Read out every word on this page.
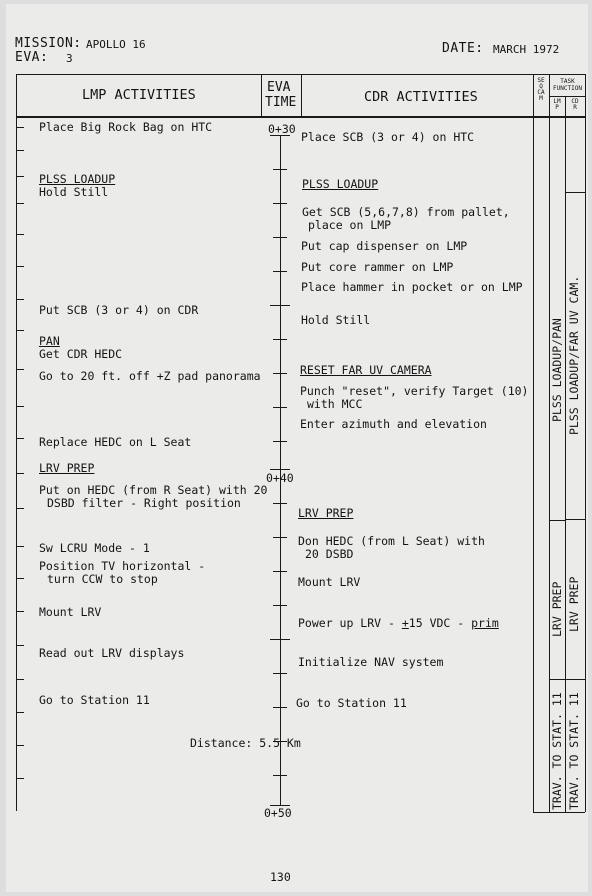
MISSION: APOLLO 16
EVA: 3
DATE: MARCH 1972
LMP ACTIVITIES	EVA
TIME	CDR ACTIVITIES
SEQ CAM
TASK FUNCTION
LMP
CDR
0+30
0+40
0+50
Place Big Rock Bag on HTC
PLSS LOADUP
Hold Still
Put SCB (3 or 4) on CDR
PAN
Get CDR HEDC
Go to 20 ft. off +Z pad panorama
Replace HEDC on L Seat
LRV PREP
Put on HEDC (from R Seat) with 20
DSBD filter - Right position
Sw LCRU Mode - 1
Position TV horizontal -
turn CCW to stop
Mount LRV
Read out LRV displays
Go to Station 11
Distance: 5.5 Km
Place SCB (3 or 4) on HTC
PLSS LOADUP
Get SCB (5,6,7,8) from pallet,
place on LMP
Put cap dispenser on LMP
Put core rammer on LMP
Place hammer in pocket or on LMP
Hold Still
RESET FAR UV CAMERA
Punch "reset", verify Target (10)
with MCC
Enter azimuth and elevation
LRV PREP
Don HEDC (from L Seat) with
20 DSBD
Power up LRV - +15 VDC - prim
Mount LRV
Initialize NAV system
Go to Station 11
PLSS LOADUP/PAN PLSS LOADUP/FAR UV CAM.
LRV PREP LRV PREP
TRAV. TO STAT. 11 TRAV. TO STAT. 11
130
